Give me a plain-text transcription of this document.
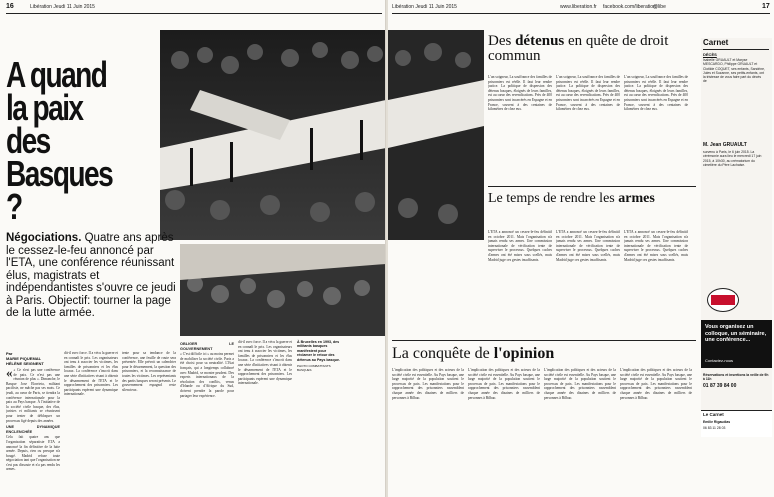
16	Libération Jeudi 11 Juin 2015
A quand la paix des Basques ?
Négociations. Quatre ans après le cessez-le-feu annoncé par l'ETA, une conférence réunissant élus, magistrats et indépendantistes s'ouvre ce jeudi à Paris. Objectif: tourner la page de la lutte armée.
Par
MARIE PIQUEMAL
HÉLÈNE SEIGNENT
« « Ce n'est pas une conférence de paix. Ce n'est pas une réunion de plus ». Dimanche, le Basque Jose Elorrieta, militant pacifiste, ne mâche pas ses mots. Ce jeudi, au cœur de Paris, se tiendra la conférence internationale pour la paix au Pays basque. À l'initiative de la société civile basque, des élus, juristes et militants se réunissent pour tenter de débloquer un processus figé depuis des années.
UNE DYNAMIQUE ENCLENCHÉE
Cela fait quatre ans que l'organisation séparatiste ETA a annoncé la fin définitive de la lutte armée. Depuis, rien ou presque n'a bougé. Madrid refuse toute négociation tant que l'organisation ne s'est pas dissoute et n'a pas rendu les armes.
dit-il avec force. Il a vécu la guerre et en connaît le prix. Les organisateurs ont tenu à associer les victimes, les familles de prisonniers et les élus locaux. La conférence s'inscrit dans une série d'initiatives visant à obtenir le désarmement de l'ETA et le rapprochement des prisonniers. Les participants espèrent une dynamique internationale.
tente pour sa tendance de la conférence, une feuille de route sera présentée. Elle prévoit un calendrier pour le désarmement, la question des prisonniers, et la reconnaissance de toutes les victimes. Les représentants des partis basques seront présents. Le gouvernement espagnol reste silencieux.
OBLIGER LE GOUVERNEMENT
« C'est difficile ici » au moins permet de mobiliser la société civile. Paris a été choisi pour sa neutralité. L'Etat français, qui a longtemps collaboré avec Madrid, se montre prudent. Des experts internationaux de la résolution des conflits, venus d'Irlande ou d'Afrique du Sud, doivent prendre la parole pour partager leur expérience.
dit-il avec force. Il a vécu la guerre et en connaît le prix. Les organisateurs ont tenu à associer les victimes, les familles de prisonniers et les élus locaux. La conférence s'inscrit dans une série d'initiatives visant à obtenir le désarmement de l'ETA et le rapprochement des prisonniers. Les participants espèrent une dynamique internationale.
À Bruxelles en 1993, des militants basques manifestent pour réclamer le retour des détenus au Pays basque.
PHOTO COMBATTANTS BASQUES
Libération Jeudi 11 Juin 2015	www.liberation.fr facebook.com/liberation
@libe	17
Des détenus en quête de droit commun
L'un soigneur, La souffrance des familles de prisonniers est réelle. Il faut leur rendre justice. La politique de dispersion des détenus basques, éloignés de leurs familles, est au cœur des revendications. Près de 400 prisonniers sont incarcérés en Espagne et en France, souvent à des centaines de kilomètres de chez eux.
L'un soigneur, La souffrance des familles de prisonniers est réelle. Il faut leur rendre justice. La politique de dispersion des détenus basques, éloignés de leurs familles, est au cœur des revendications. Près de 400 prisonniers sont incarcérés en Espagne et en France, souvent à des centaines de kilomètres de chez eux.
L'un soigneur, La souffrance des familles de prisonniers est réelle. Il faut leur rendre justice. La politique de dispersion des détenus basques, éloignés de leurs familles, est au cœur des revendications. Près de 400 prisonniers sont incarcérés en Espagne et en France, souvent à des centaines de kilomètres de chez eux.
Le temps de rendre les armes
L'ETA a annoncé un cessez-le-feu définitif en octobre 2011. Mais l'organisation n'a jamais rendu ses armes. Une commission internationale de vérification tente de superviser le processus. Quelques caches d'armes ont été mises sous scellés, mais Madrid juge ces gestes insuffisants.
L'ETA a annoncé un cessez-le-feu définitif en octobre 2011. Mais l'organisation n'a jamais rendu ses armes. Une commission internationale de vérification tente de superviser le processus. Quelques caches d'armes ont été mises sous scellés, mais Madrid juge ces gestes insuffisants.
L'ETA a annoncé un cessez-le-feu définitif en octobre 2011. Mais l'organisation n'a jamais rendu ses armes. Une commission internationale de vérification tente de superviser le processus. Quelques caches d'armes ont été mises sous scellés, mais Madrid juge ces gestes insuffisants.
La conquête de l'opinion
L'implication des politiques et des acteurs de la société civile est essentielle. Au Pays basque, une large majorité de la population soutient le processus de paix. Les manifestations pour le rapprochement des prisonniers rassemblent chaque année des dizaines de milliers de personnes à Bilbao.
L'implication des politiques et des acteurs de la société civile est essentielle. Au Pays basque, une large majorité de la population soutient le processus de paix. Les manifestations pour le rapprochement des prisonniers rassemblent chaque année des dizaines de milliers de personnes à Bilbao.
L'implication des politiques et des acteurs de la société civile est essentielle. Au Pays basque, une large majorité de la population soutient le processus de paix. Les manifestations pour le rapprochement des prisonniers rassemblent chaque année des dizaines de milliers de personnes à Bilbao.
L'implication des politiques et des acteurs de la société civile est essentielle. Au Pays basque, une large majorité de la population soutient le processus de paix. Les manifestations pour le rapprochement des prisonniers rassemblent chaque année des dizaines de milliers de personnes à Bilbao.
Carnet
DÉCÈS
Isabelle GRUAULT et Maryse MESCARDO, Philippe GRUAULT et Clotilde COQUET, ses enfants, Sandrine, Jules et Suzanne, ses petits-enfants, ont la tristesse de vous faire part du décès de
M. Jean GRUAULT
survenu à Paris, le 6 juin 2015. La cérémonie aura lieu le mercredi 17 juin 2015, à 10h30, au crématorium du cimetière du Père Lachaise.
Vous organisez un colloque, un séminaire, une conférence...
Contactez-nous
Réservations et insertions la veille de 9h à 11h
01 87 39 84 00
Le Carnet
Emilie Rigaudias
06 83 11 28 03
